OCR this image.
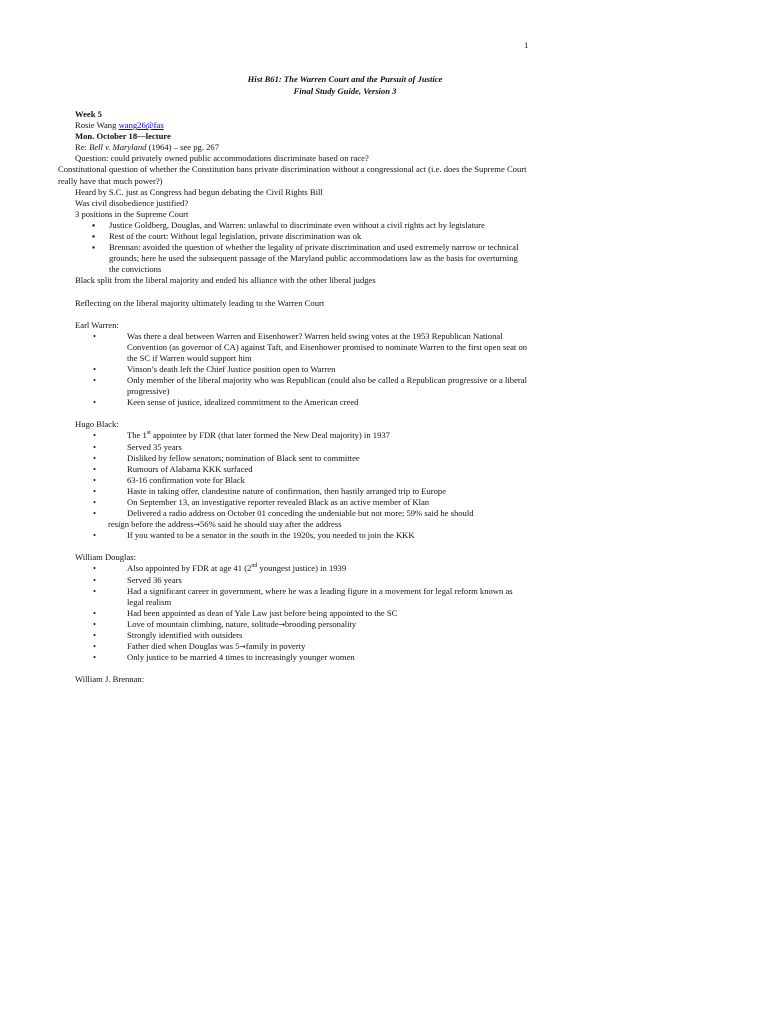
1
Hist B61: The Warren Court and the Pursuit of Justice
Final Study Guide, Version 3
Week 5
Rosie Wang wang26@fas
Mon. October 18—lecture
Re: Bell v. Maryland (1964) – see pg. 267
Question: could privately owned public accommodations discriminate based on race?
Constitutional question of whether the Constitution bans private discrimination without a congressional act (i.e. does the Supreme Court really have that much power?)
Heard by S.C. just as Congress had begun debating the Civil Rights Bill
Was civil disobedience justified?
3 positions in the Supreme Court
▪ Justice Goldberg, Douglas, and Warren: unlawful to discriminate even without a civil rights act by legislature
▪ Rest of the court: Without legal legislation, private discrimination was ok
▪ Brennan: avoided the question of whether the legality of private discrimination and used extremely narrow or technical grounds; here he used the subsequent passage of the Maryland public accommodations law as the basis for overturning the convictions
Black split from the liberal majority and ended his alliance with the other liberal judges
Reflecting on the liberal majority ultimately leading to the Warren Court
Earl Warren:
• Was there a deal between Warren and Eisenhower? Warren held swing votes at the 1953 Republican National Convention (as governor of CA) against Taft, and Eisenhower promised to nominate Warren to the first open seat on the SC if Warren would support him
• Vinson’s death left the Chief Justice position open to Warren
• Only member of the liberal majority who was Republican (could also be called a Republican progressive or a liberal progressive)
• Keen sense of justice, idealized commitment to the American creed
Hugo Black:
• The 1st appointee by FDR (that later formed the New Deal majority) in 1937
• Served 35 years
• Disliked by fellow senators; nomination of Black sent to committee
• Rumours of Alabama KKK surfaced
• 63-16 confirmation vote for Black
• Haste in taking offer, clandestine nature of confirmation, then hastily arranged trip to Europe
• On September 13, an investigative reporter revealed Black as an active member of Klan
• Delivered a radio address on October 01 conceding the undeniable but not more; 59% said he should
resign before the address→56% said he should stay after the address
• If you wanted to be a senator in the south in the 1920s, you needed to join the KKK
William Douglas:
• Also appointed by FDR at age 41 (2nd youngest justice) in 1939
• Served 36 years
• Had a significant career in government, where he was a leading figure in a movement for legal reform known as legal realism
• Had been appointed as dean of Yale Law just before being appointed to the SC
• Love of mountain climbing, nature, solitude→brooding personality
• Strongly identified with outsiders
• Father died when Douglas was 5→family in poverty
• Only justice to be married 4 times to increasingly younger women
William J. Brennan:
